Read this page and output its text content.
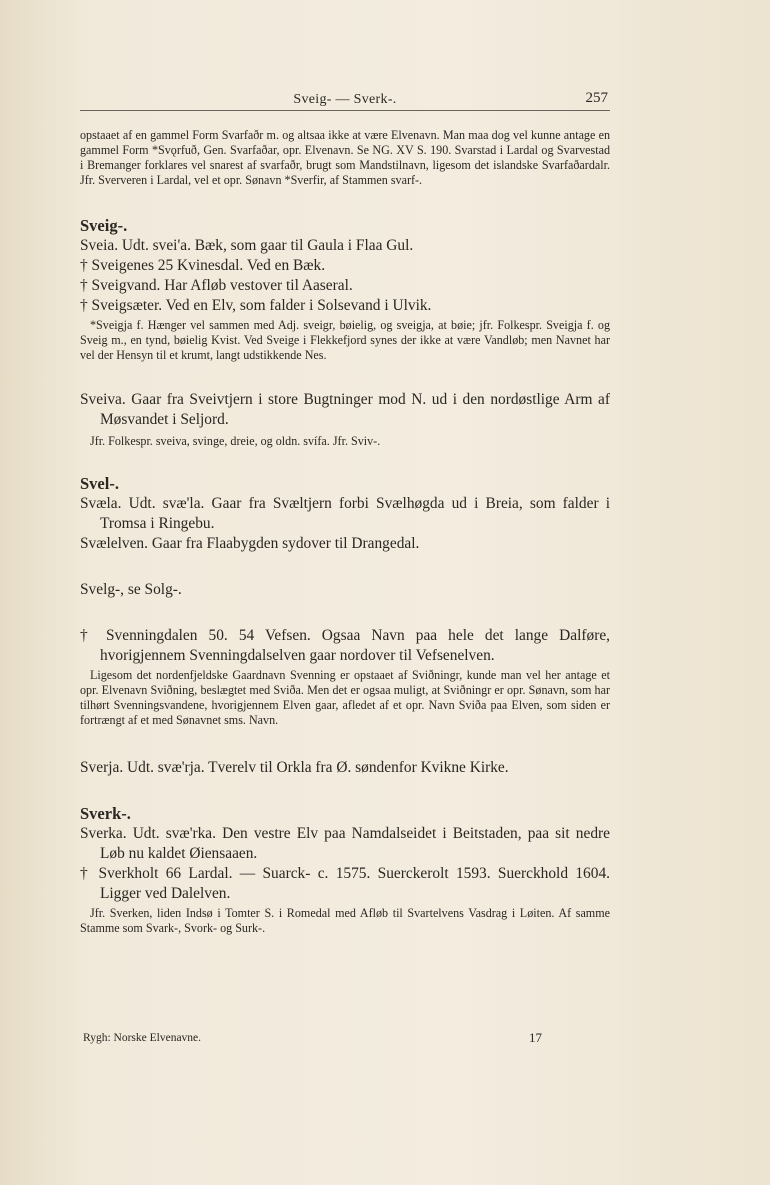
Sveig- — Sverk-.	257

opstaaet af en gammel Form Svarfaðr m. og altsaa ikke at være Elvenavn. Man maa dog vel kunne antage en gammel Form *Svǫrfuð, Gen. Svarfaðar, opr. Elvenavn. Se NG. XV S. 190. Svarstad i Lardal og Svarvestad i Bremanger forklares vel snarest af svarfaðr, brugt som Mandstilnavn, ligesom det islandske Svarfaðardalr. Jfr. Sververen i Lardal, vel et opr. Sønavn *Sverfir, af Stammen svarf-.

Sveig-.

Sveia. Udt. svei'a. Bæk, som gaar til Gaula i Flaa Gul.

† Sveigenes 25 Kvinesdal. Ved en Bæk.

† Sveigvand. Har Afløb vestover til Aaseral.

† Sveigsæter. Ved en Elv, som falder i Solsevand i Ulvik.

*Sveigja f. Hænger vel sammen med Adj. sveigr, bøielig, og sveigja, at bøie; jfr. Folkespr. Sveigja f. og Sveig m., en tynd, bøielig Kvist. Ved Sveige i Flekkefjord synes der ikke at være Vandløb; men Navnet har vel der Hensyn til et krumt, langt udstikkende Nes.

Sveiva. Gaar fra Sveivtjern i store Bugtninger mod N. ud i den nordøstlige Arm af Møsvandet i Seljord.

Jfr. Folkespr. sveiva, svinge, dreie, og oldn. svífa. Jfr. Sviv-.

Svel-.

Svæla. Udt. svæ'la. Gaar fra Svæltjern forbi Svælhøgda ud i Breia, som falder i Tromsa i Ringebu.

Svælelven. Gaar fra Flaabygden sydover til Drangedal.

Svelg-, se Solg-.

† Svenningdalen 50. 54 Vefsen. Ogsaa Navn paa hele det lange Dalføre, hvorigjennem Svenningdalselven gaar nordover til Vefsenelven.

Ligesom det nordenfjeldske Gaardnavn Svenning er opstaaet af Sviðningr, kunde man vel her antage et opr. Elvenavn Sviðning, beslægtet med Sviða. Men det er ogsaa muligt, at Sviðningr er opr. Sønavn, som har tilhørt Svenningsvandene, hvorigjennem Elven gaar, afledet af et opr. Navn Sviða paa Elven, som siden er fortrængt af et med Sønavnet sms. Navn.

Sverja. Udt. svæ'rja. Tverelv til Orkla fra Ø. søndenfor Kvikne Kirke.

Sverk-.

Sverka. Udt. svæ'rka. Den vestre Elv paa Namdalseidet i Beitstaden, paa sit nedre Løb nu kaldet Øiensaaen.

† Sverkholt 66 Lardal. — Suarck- c. 1575. Suerckerolt 1593. Suerckhold 1604. Ligger ved Dalelven.

Jfr. Sverken, liden Indsø i Tomter S. i Romedal med Afløb til Svartelvens Vasdrag i Løiten. Af samme Stamme som Svark-, Svork- og Surk-.

Rygh: Norske Elvenavne.	17
